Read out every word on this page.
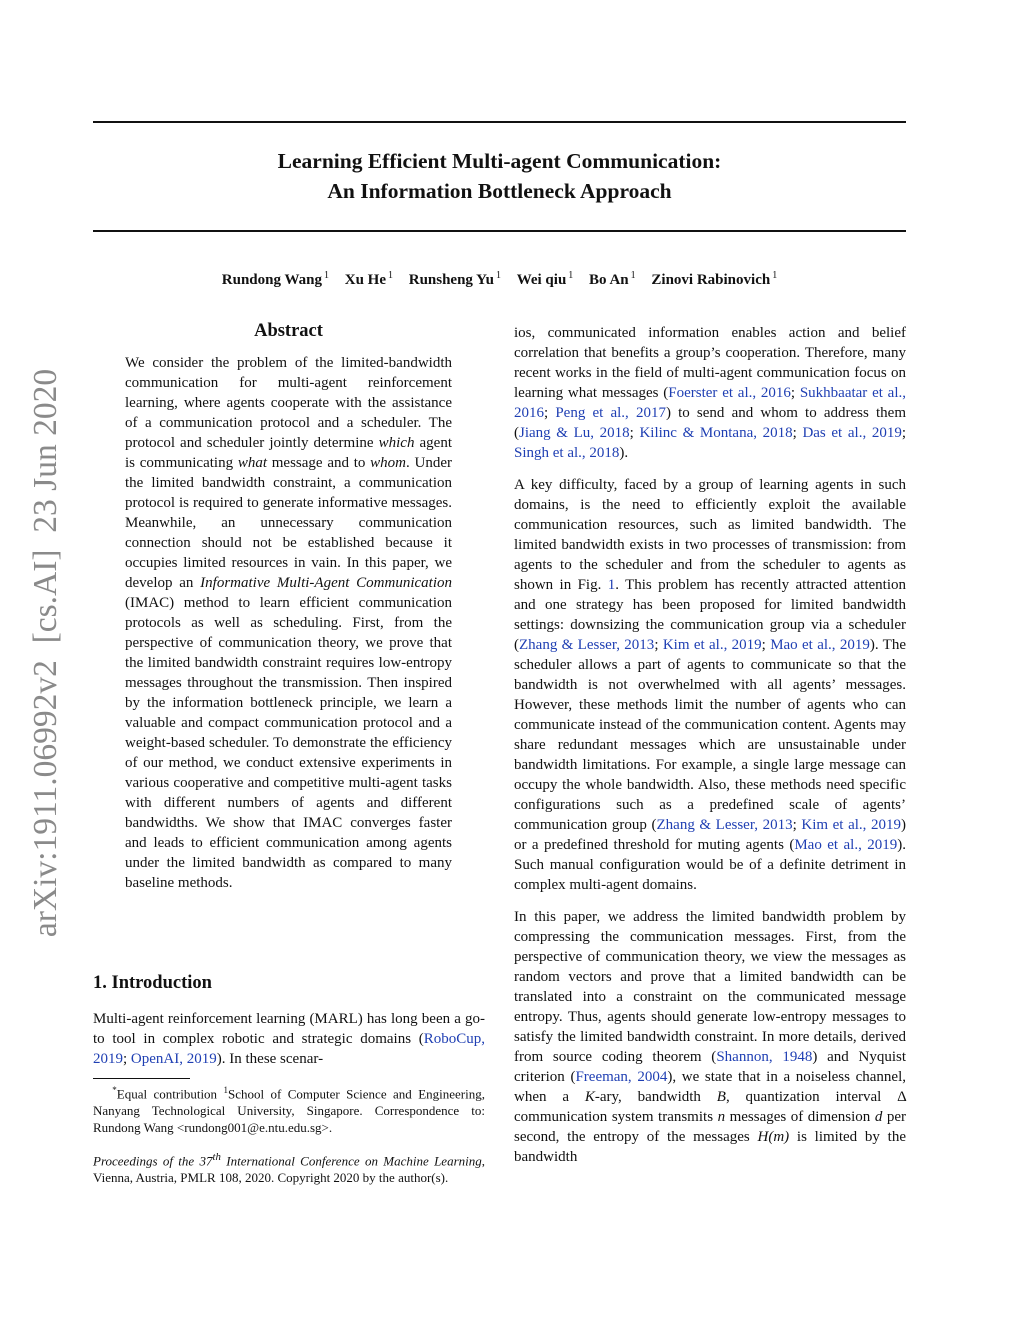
Learning Efficient Multi-agent Communication:
An Information Bottleneck Approach
Rundong Wang $^1$ Xu He $^1$ Runsheng Yu $^1$ Wei qiu $^1$ Bo An $^1$ Zinovi Rabinovich $^1$
arXiv:1911.06992v2  [cs.AI]  23 Jun 2020
Abstract
We consider the problem of the limited-bandwidth communication for multi-agent reinforcement learning, where agents cooperate with the assistance of a communication protocol and a scheduler. The protocol and scheduler jointly determine which agent is communicating what message and to whom. Under the limited bandwidth constraint, a communication protocol is required to generate informative messages. Meanwhile, an unnecessary communication connection should not be established because it occupies limited resources in vain. In this paper, we develop an Informative Multi-Agent Communication (IMAC) method to learn efficient communication protocols as well as scheduling. First, from the perspective of communication theory, we prove that the limited bandwidth constraint requires low-entropy messages throughout the transmission. Then inspired by the information bottleneck principle, we learn a valuable and compact communication protocol and a weight-based scheduler. To demonstrate the efficiency of our method, we conduct extensive experiments in various cooperative and competitive multi-agent tasks with different numbers of agents and different bandwidths. We show that IMAC converges faster and leads to efficient communication among agents under the limited bandwidth as compared to many baseline methods.
1. Introduction
Multi-agent reinforcement learning (MARL) has long been a go-to tool in complex robotic and strategic domains (RoboCup, 2019; OpenAI, 2019). In these scenar-
*Equal contribution $^1$School of Computer Science and Engineering, Nanyang Technological University, Singapore. Correspondence to: Rundong Wang <rundong001@e.ntu.edu.sg>.
Proceedings of the 37th International Conference on Machine Learning, Vienna, Austria, PMLR 108, 2020. Copyright 2020 by the author(s).

ios, communicated information enables action and belief correlation that benefits a group’s cooperation. Therefore, many recent works in the field of multi-agent communication focus on learning what messages (Foerster et al., 2016; Sukhbaatar et al., 2016; Peng et al., 2017) to send and whom to address them (Jiang & Lu, 2018; Kilinc & Montana, 2018; Das et al., 2019; Singh et al., 2018).

A key difficulty, faced by a group of learning agents in such domains, is the need to efficiently exploit the available communication resources, such as limited bandwidth. The limited bandwidth exists in two processes of transmission: from agents to the scheduler and from the scheduler to agents as shown in Fig. 1. This problem has recently attracted attention and one strategy has been proposed for limited bandwidth settings: downsizing the communication group via a scheduler (Zhang & Lesser, 2013; Kim et al., 2019; Mao et al., 2019). The scheduler allows a part of agents to communicate so that the bandwidth is not overwhelmed with all agents’ messages. However, these methods limit the number of agents who can communicate instead of the communication content. Agents may share redundant messages which are unsustainable under bandwidth limitations. For example, a single large message can occupy the whole bandwidth. Also, these methods need specific configurations such as a predefined scale of agents’ communication group (Zhang & Lesser, 2013; Kim et al., 2019) or a predefined threshold for muting agents (Mao et al., 2019). Such manual configuration would be of a definite detriment in complex multi-agent domains.

In this paper, we address the limited bandwidth problem by compressing the communication messages. First, from the perspective of communication theory, we view the messages as random vectors and prove that a limited bandwidth can be translated into a constraint on the communicated message entropy. Thus, agents should generate low-entropy messages to satisfy the limited bandwidth constraint. In more details, derived from source coding theorem (Shannon, 1948) and Nyquist criterion (Freeman, 2004), we state that in a noiseless channel, when a K-ary, bandwidth B, quantization interval Δ communication system transmits n messages of dimension d per second, the entropy of the messages H(m) is limited by the bandwidth
